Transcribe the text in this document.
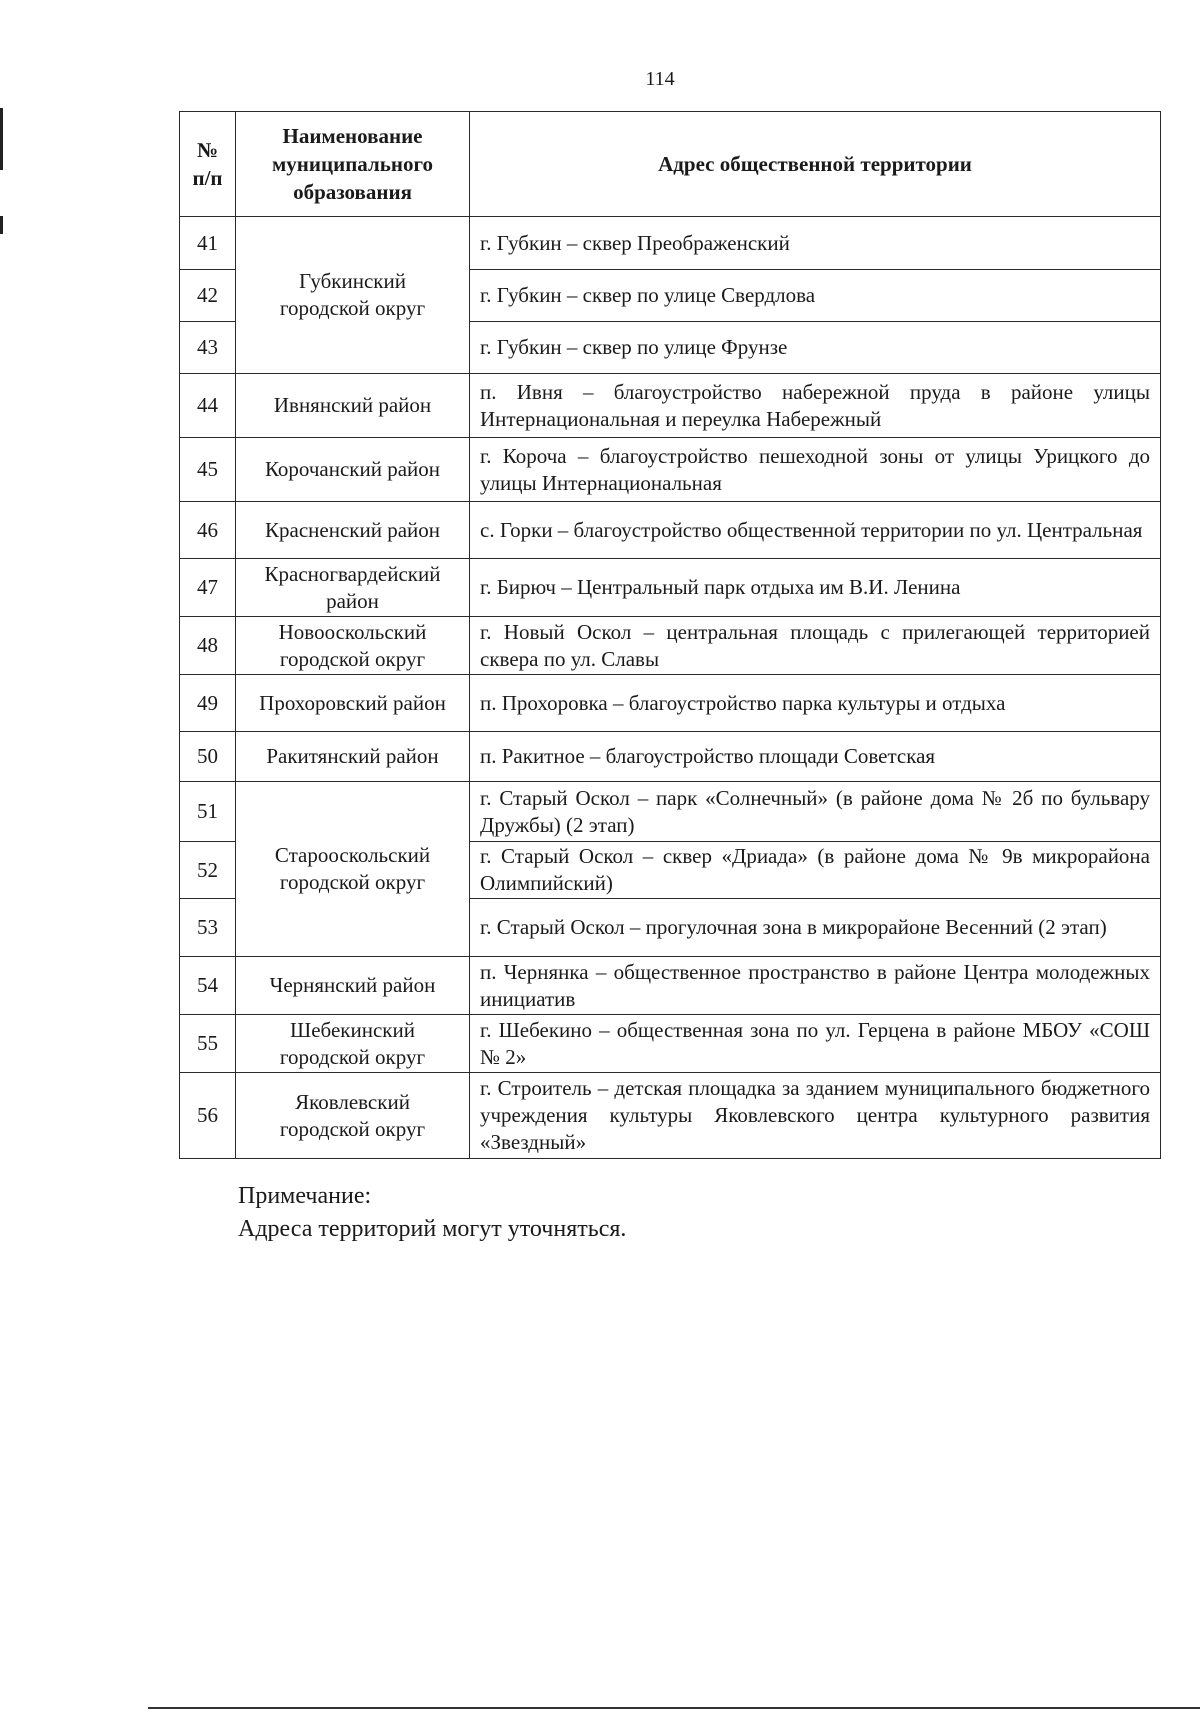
114
№ п/п	Наименование муниципального образования	Адрес общественной территории
41	Губкинский городской округ	г. Губкин – сквер Преображенский
42		г. Губкин – сквер по улице Свердлова
43		г. Губкин – сквер по улице Фрунзе
44	Ивнянский район	п. Ивня – благоустройство набережной пруда в районе улицы Интернациональная и переулка Набережный
45	Корочанский район	г. Короча – благоустройство пешеходной зоны от улицы Урицкого до улицы Интернациональная
46	Красненский район	с. Горки – благоустройство общественной территории по ул. Центральная
47	Красногвардейский район	г. Бирюч – Центральный парк отдыха им В.И. Ленина
48	Новооскольский городской округ	г. Новый Оскол – центральная площадь с прилегающей территорией сквера по ул. Славы
49	Прохоровский район	п. Прохоровка – благоустройство парка культуры и отдыха
50	Ракитянский район	п. Ракитное – благоустройство площади Советская
51	Старооскольский городской округ	г. Старый Оскол – парк «Солнечный» (в районе дома № 2б по бульвару Дружбы) (2 этап)
52		г. Старый Оскол – сквер «Дриада» (в районе дома № 9в микрорайона Олимпийский)
53		г. Старый Оскол – прогулочная зона в микрорайоне Весенний (2 этап)
54	Чернянский район	п. Чернянка – общественное пространство в районе Центра молодежных инициатив
55	Шебекинский городской округ	г. Шебекино – общественная зона по ул. Герцена в районе МБОУ «СОШ № 2»
56	Яковлевский городской округ	г. Строитель – детская площадка за зданием муниципального бюджетного учреждения культуры Яковлевского центра культурного развития «Звездный»
Примечание:
Адреса территорий могут уточняться.
